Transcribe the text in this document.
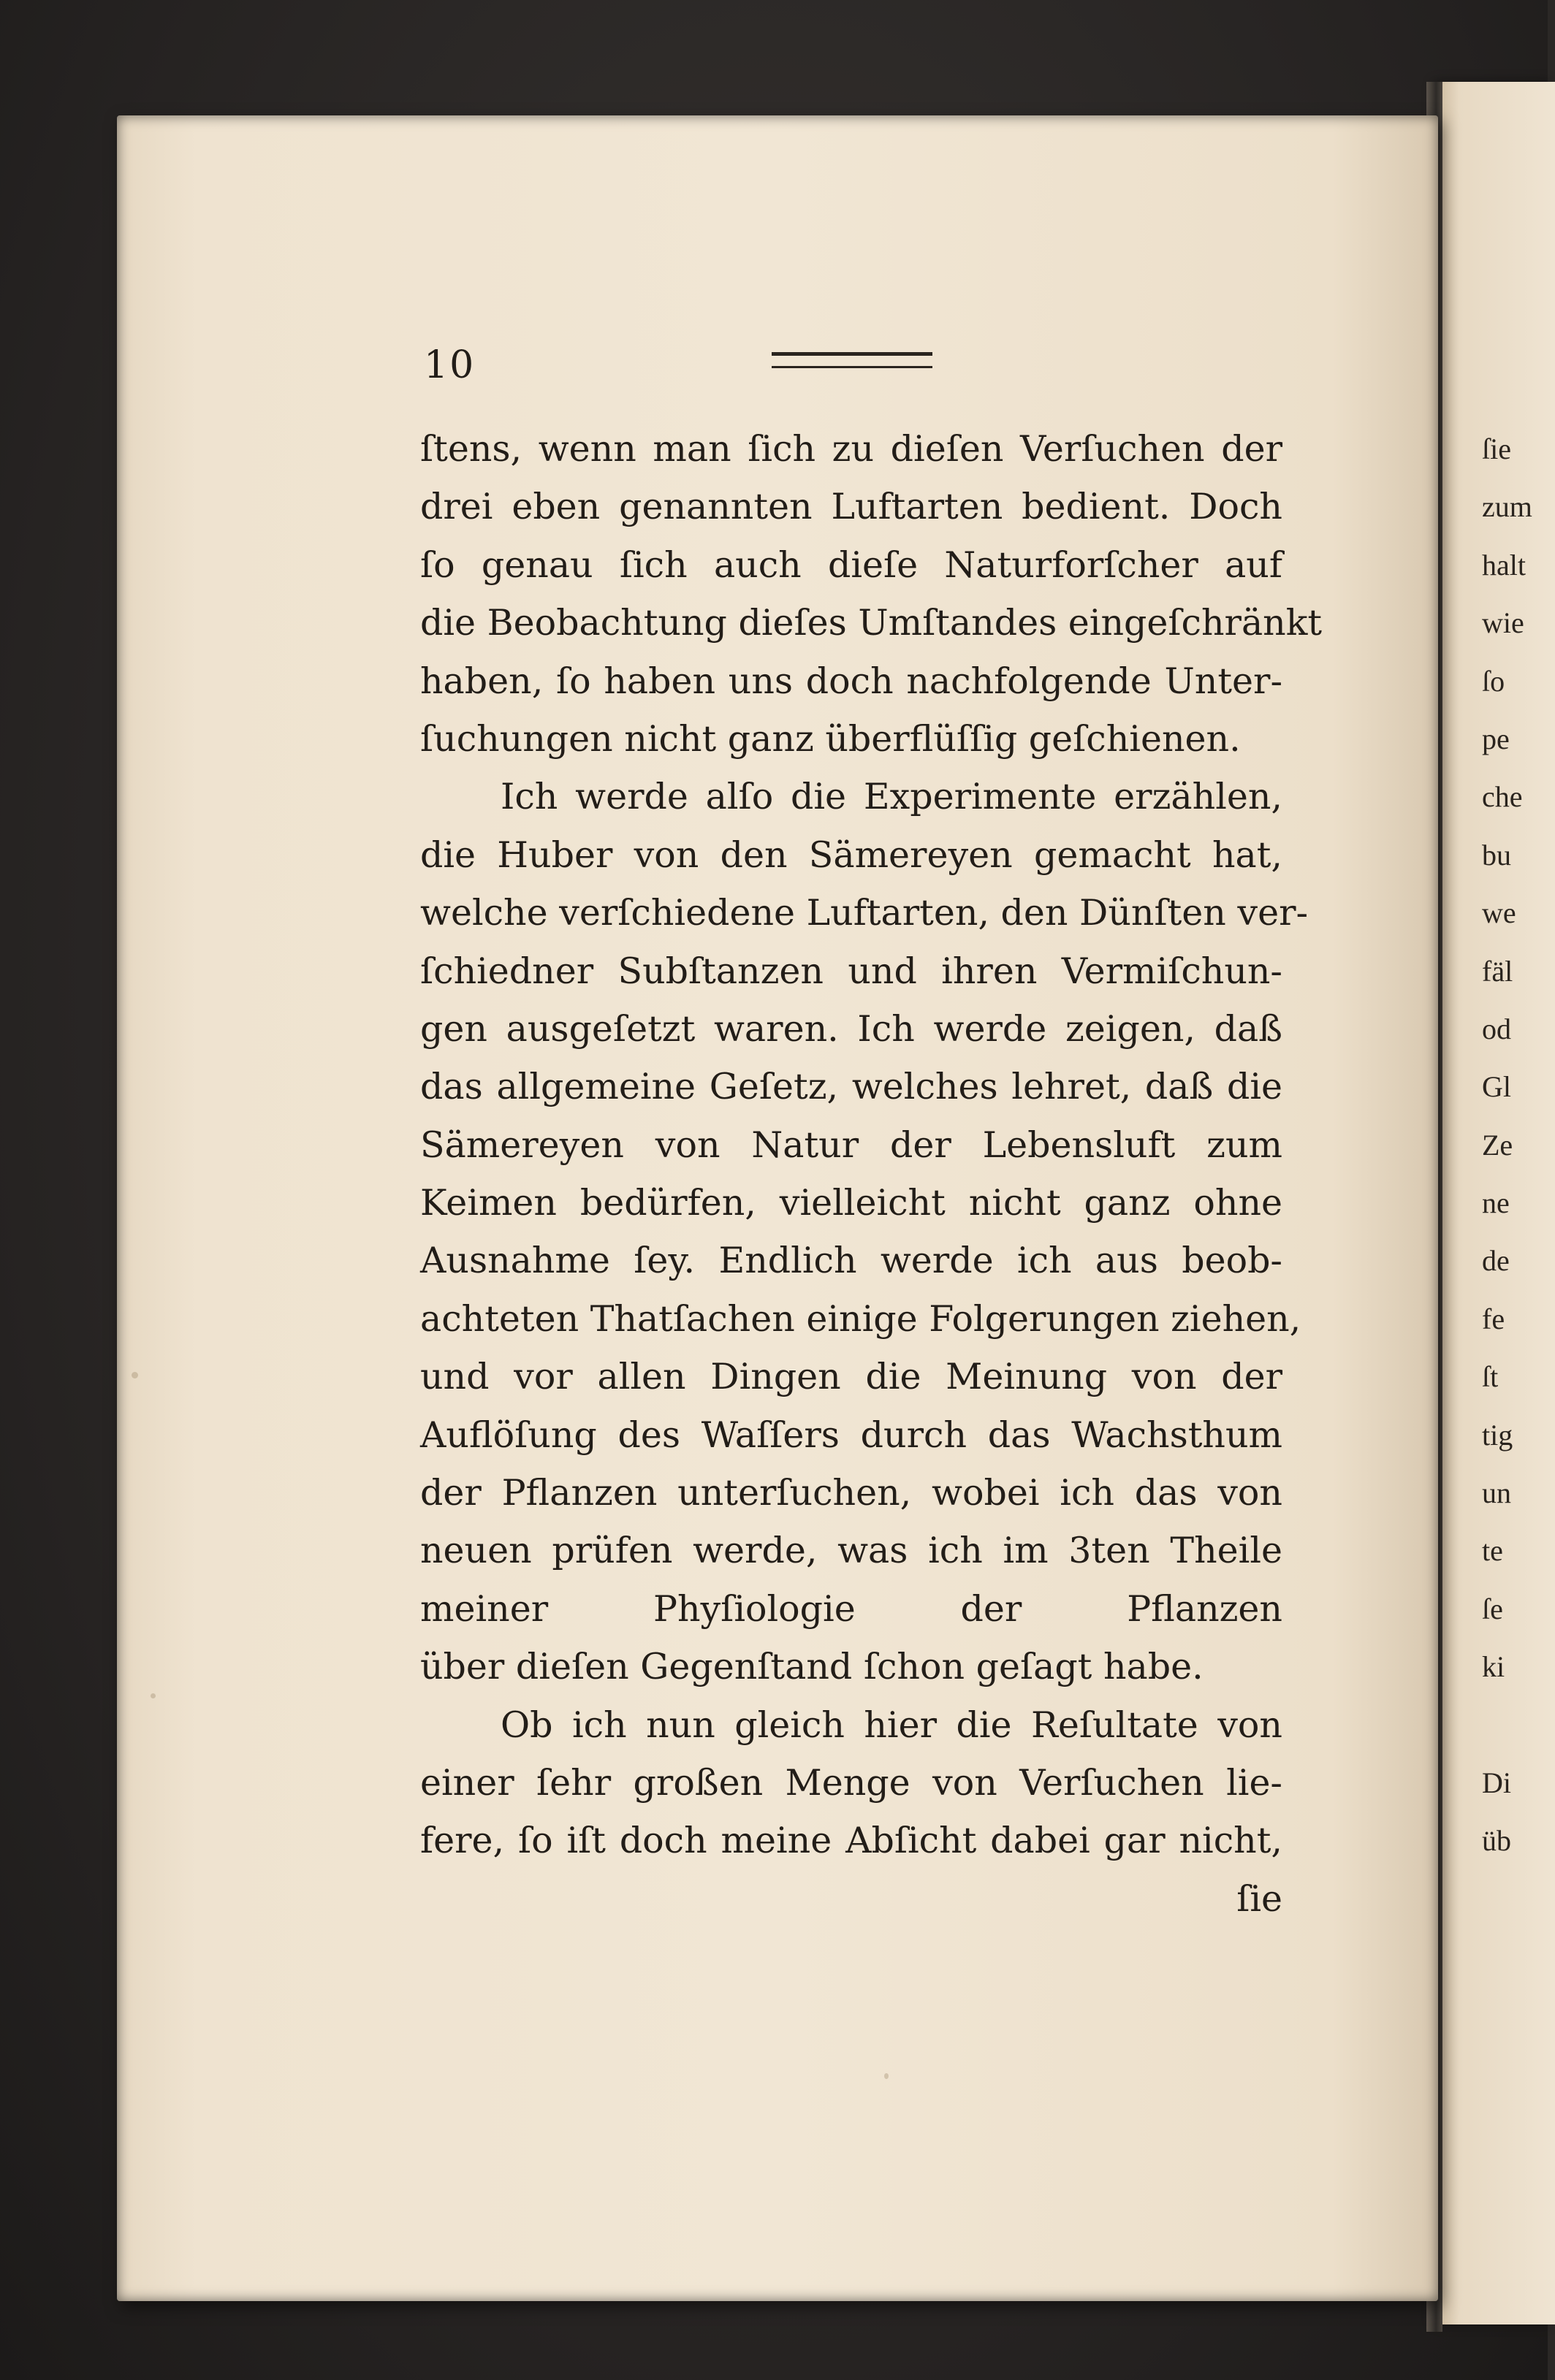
ſie
zum
halt
wie
ſo
pe
che
bu
we
fäl
od
Gl
Ze
ne
de
fe
ſt
tig
un
te
ſe
ki
Di
üb
10
ſtens, wenn man ſich zu dieſen Verſuchen der
drei eben genannten Luftarten bedient. Doch
ſo genau ſich auch dieſe Naturforſcher auf
die Beobachtung dieſes Umſtandes eingeſchränkt
haben, ſo haben uns doch nachfolgende Unter-
ſuchungen nicht ganz überflüſſig geſchienen.
Ich werde alſo die Experimente erzählen,
die Huber von den Sämereyen gemacht hat,
welche verſchiedene Luftarten, den Dünſten ver-
ſchiedner Subſtanzen und ihren Vermiſchun-
gen ausgeſetzt waren. Ich werde zeigen, daß
das allgemeine Geſetz, welches lehret, daß die
Sämereyen von Natur der Lebensluft zum
Keimen bedürfen, vielleicht nicht ganz ohne
Ausnahme ſey. Endlich werde ich aus beob-
achteten Thatſachen einige Folgerungen ziehen,
und vor allen Dingen die Meinung von der
Auflöſung des Waſſers durch das Wachsthum
der Pflanzen unterſuchen, wobei ich das von
neuen prüfen werde, was ich im 3ten Theile
meiner Phyſiologie der Pflanzen
über dieſen Gegenſtand ſchon geſagt habe.
Ob ich nun gleich hier die Reſultate von
einer ſehr großen Menge von Verſuchen lie-
fere, ſo iſt doch meine Abſicht dabei gar nicht,
ſie
